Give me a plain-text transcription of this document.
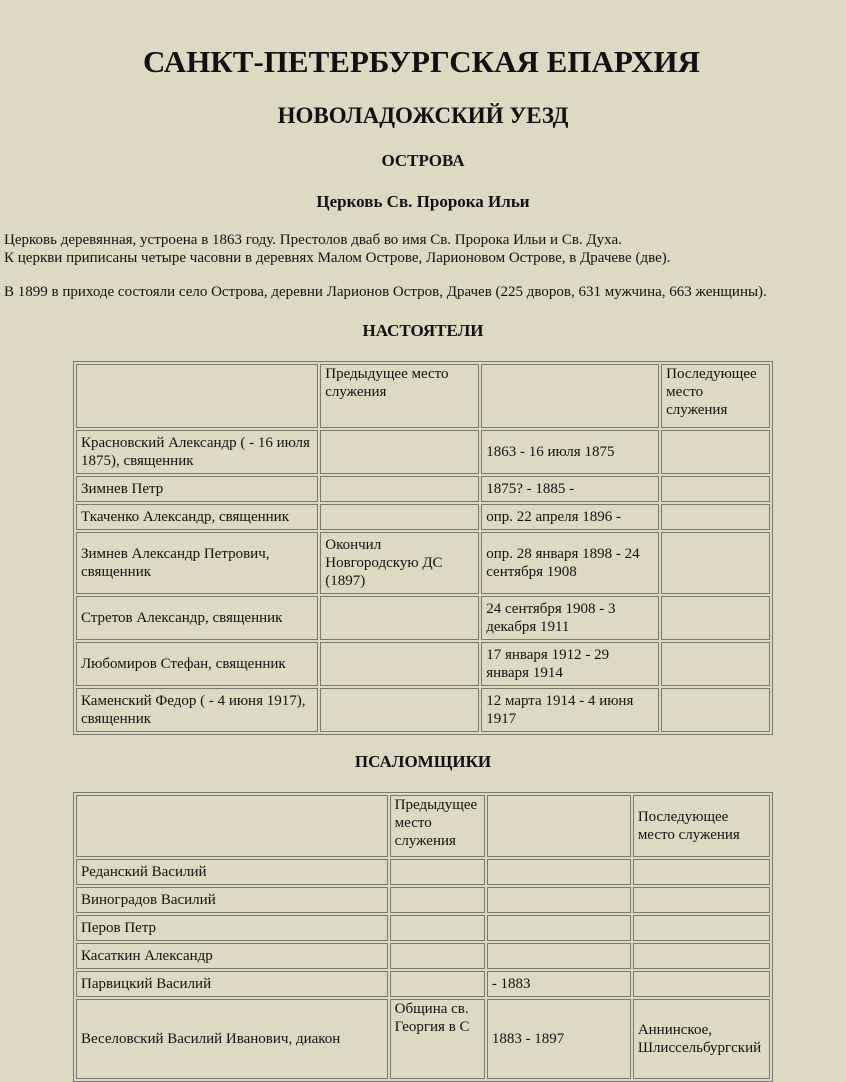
САНКТ-ПЕТЕРБУРГСКАЯ ЕПАРХИЯ
НОВОЛАДОЖСКИЙ УЕЗД
ОСТРОВА
Церковь Св. Пророка Ильи
Церковь деревянная, устроена в 1863 году. Престолов дваб во имя Св. Пророка Ильи и Св. Духа.
К церкви приписаны четыре часовни в деревнях Малом Острове, Ларионовом Острове, в Драчеве (две).
В 1899 в приходе состояли село Острова, деревни Ларионов Остров, Драчев (225 дворов, 631 мужчина, 663 женщины).
НАСТОЯТЕЛИ
	Предыдущее место служения		Последующее место служения
Красновский Александр ( - 16 июля 1875), священник		1863 - 16 июля 1875	
Зимнев Петр		1875? - 1885 -	
Ткаченко Александр, священник		опр. 22 апреля 1896 -	
Зимнев Александр Петрович, священник	Окончил Новгородскую ДС (1897)	опр. 28 января 1898 - 24 сентября 1908	
Стретов Александр, священник		24 сентября 1908 - 3 декабря 1911	
Любомиров Стефан, священник		17 января 1912 - 29 января 1914	
Каменский Федор ( - 4 июня 1917), священник		12 марта 1914 - 4 июня 1917	
ПСАЛОМЩИКИ
	Предыдущее место служения		Последующее место служения
Реданский Василий			
Виноградов Василий			
Перов Петр			
Касаткин Александр			
Парвицкий Василий		- 1883	
Веселовский Василий Иванович, диакон	Община св. Георгия в С	1883 - 1897	Аннинское, Шлиссельбургский
